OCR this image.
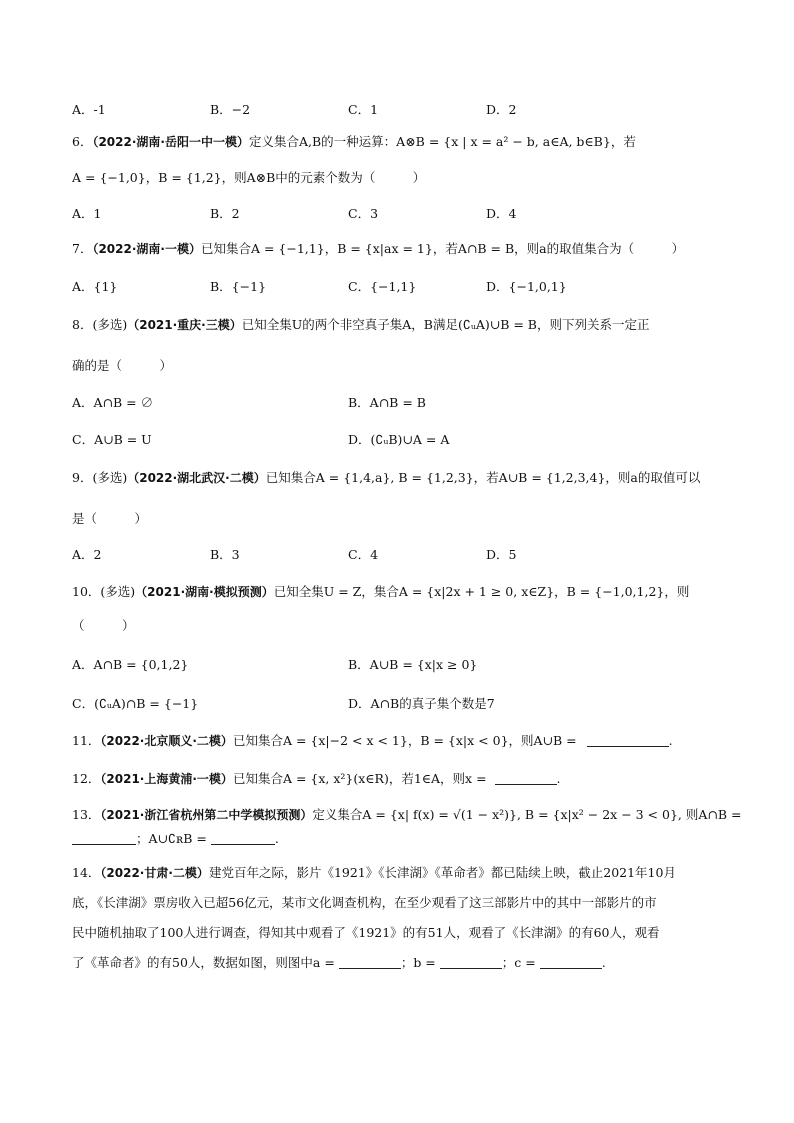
A．-1	B．−2	C．1	D．2
6．（2022·湖南·岳阳一中一模）定义集合A,B的一种运算：A⊗B = {x | x = a² − b, a∈A, b∈B}，若
A = {−1,0}，B = {1,2}，则A⊗B中的元素个数为（　　　）
A．1	B．2	C．3	D．4
7．（2022·湖南·一模）已知集合A = {−1,1}，B = {x|ax = 1}，若A∩B = B，则a的取值集合为（　　　）
A．{1}	B．{−1}	C．{−1,1}	D．{−1,0,1}
8．(多选)（2021·重庆·三模）已知全集U的两个非空真子集A，B满足(∁ᵤA)∪B = B，则下列关系一定正
确的是（　　　）
A．A∩B = ∅	B．A∩B = B
C．A∪B = U	D．(∁ᵤB)∪A = A
9．(多选)（2022·湖北武汉·二模）已知集合A = {1,4,a}, B = {1,2,3}，若A∪B = {1,2,3,4}，则a的取值可以
是（　　　）
A．2	B．3	C．4	D．5
10．(多选)（2021·湖南·模拟预测）已知全集U = Z，集合A = {x|2x + 1 ≥ 0, x∈Z}，B = {−1,0,1,2}，则
（　　　）
A．A∩B = {0,1,2}	B．A∪B = {x|x ≥ 0}
C．(∁ᵤA)∩B = {−1}	D．A∩B的真子集个数是7
11．（2022·北京顺义·二模）已知集合A = {x|−2 < x < 1}，B = {x|x < 0}，则A∪B =	.
12．（2021·上海黄浦·一模）已知集合A = {x, x²}(x∈R)，若1∈A，则x =	.
13．（2021·浙江省杭州第二中学模拟预测）定义集合A = {x| f(x) = √(1 − x²)}, B = {x|x² − 2x − 3 < 0}, 则A∩B =
；A∪∁ʀB =	.
14．（2022·甘肃·二模）建党百年之际，影片《1921》《长津湖》《革命者》都已陆续上映，截止2021年10月
底，《长津湖》票房收入已超56亿元，某市文化调查机构，在至少观看了这三部影片中的其中一部影片的市
民中随机抽取了100人进行调查，得知其中观看了《1921》的有51人，观看了《长津湖》的有60人，观看
了《革命者》的有50人，数据如图，则图中a =	；b =	；c =	.
